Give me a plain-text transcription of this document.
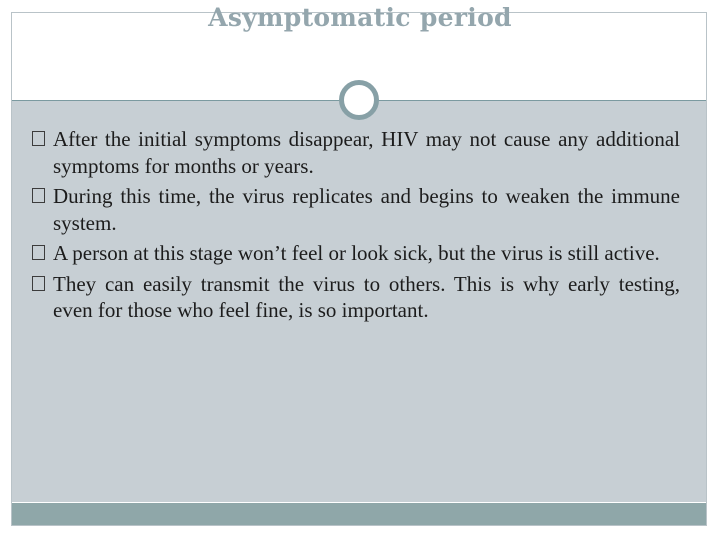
Asymptomatic period
After the initial symptoms disappear, HIV may not cause any additional symptoms for months or years.
During this time, the virus replicates and begins to weaken the immune system.
A person at this stage won’t feel or look sick, but the virus is still active.
They can easily transmit the virus to others. This is why early testing, even for those who feel fine, is so important.
